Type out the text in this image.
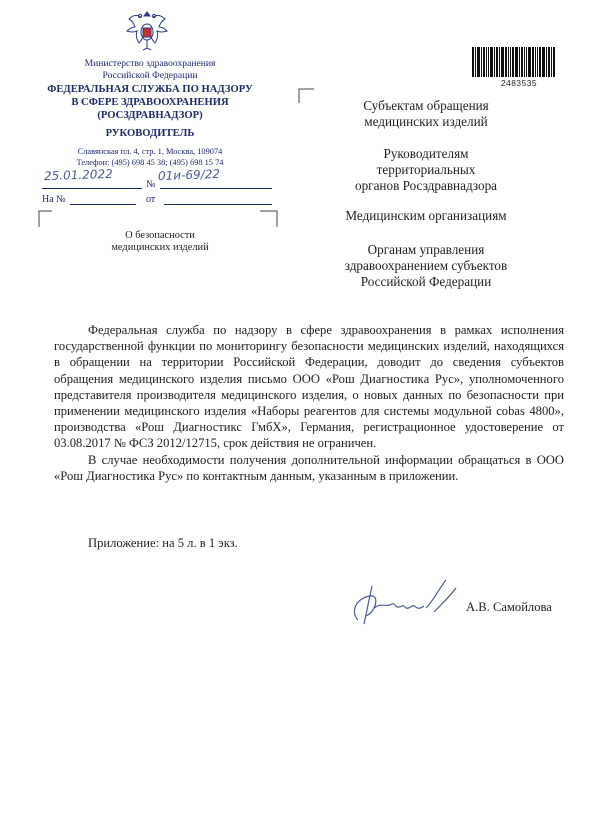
Министерство здравоохранения
Российской Федерации
ФЕДЕРАЛЬНАЯ СЛУЖБА ПО НАДЗОРУ
В СФЕРЕ ЗДРАВООХРАНЕНИЯ
(РОСЗДРАВНАДЗОР)
РУКОВОДИТЕЛЬ
Славянская пл. 4, стр. 1, Москва, 109074
Телефон: (495) 698 45 38; (495) 698 15 74
№
25.01.2022	01и-69/22
На №	от
О безопасности
медицинских изделий
2483535
Субъектам обращения
медицинских изделий
Руководителям
территориальных
органов Росздравнадзора
Медицинским организациям
Органам управления
здравоохранением субъектов
Российской Федерации

Федеральная служба по надзору в сфере здравоохранения в рамках исполнения государственной функции по мониторингу безопасности медицинских изделий, находящихся в обращении на территории Российской Федерации, доводит до сведения субъектов обращения медицинского изделия письмо ООО «Рош Диагностика Рус», уполномоченного представителя производителя медицинского изделия, о новых данных по безопасности при применении медицинского изделия «Наборы реагентов для системы модульной cobas 4800», производства «Рош Диагностикс ГмбХ», Германия, регистрационное удостоверение от 03.08.2017 № ФСЗ 2012/12715, срок действия не ограничен.

В случае необходимости получения дополнительной информации обращаться в ООО «Рош Диагностика Рус» по контактным данным, указанным в приложении.

Приложение: на 5 л. в 1 экз.
А.В. Самойлова
